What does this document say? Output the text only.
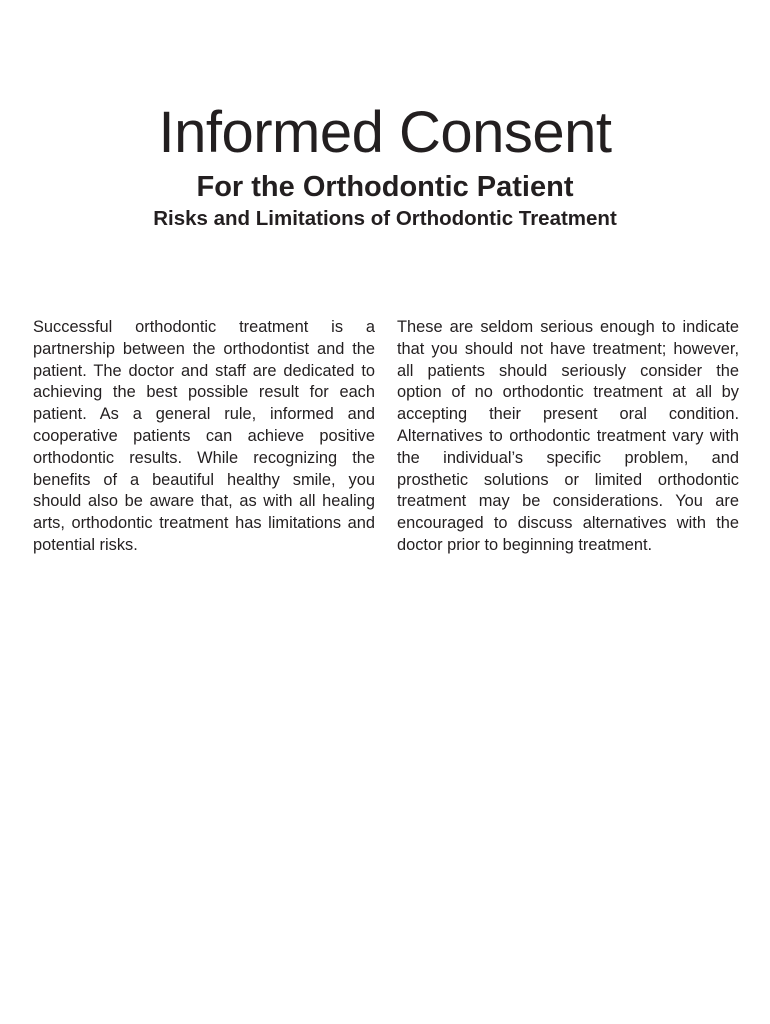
Informed Consent
For the Orthodontic Patient
Risks and Limitations of Orthodontic Treatment

Successful orthodontic treatment is a partnership between the orthodontist and the patient. The doctor and staff are dedicated to achieving the best possible result for each patient. As a general rule, informed and cooperative patients can achieve positive orthodontic results. While recognizing the benefits of a beautiful healthy smile, you should also be aware that, as with all healing arts, orthodontic treatment has limitations and potential risks.

These are seldom serious enough to indicate that you should not have treatment; however, all patients should seriously consider the option of no orthodontic treatment at all by accepting their present oral condition. Alternatives to orthodontic treatment vary with the individual’s specific problem, and prosthetic solutions or limited orthodontic treatment may be considerations. You are encouraged to discuss alternatives with the doctor prior to beginning treatment.
